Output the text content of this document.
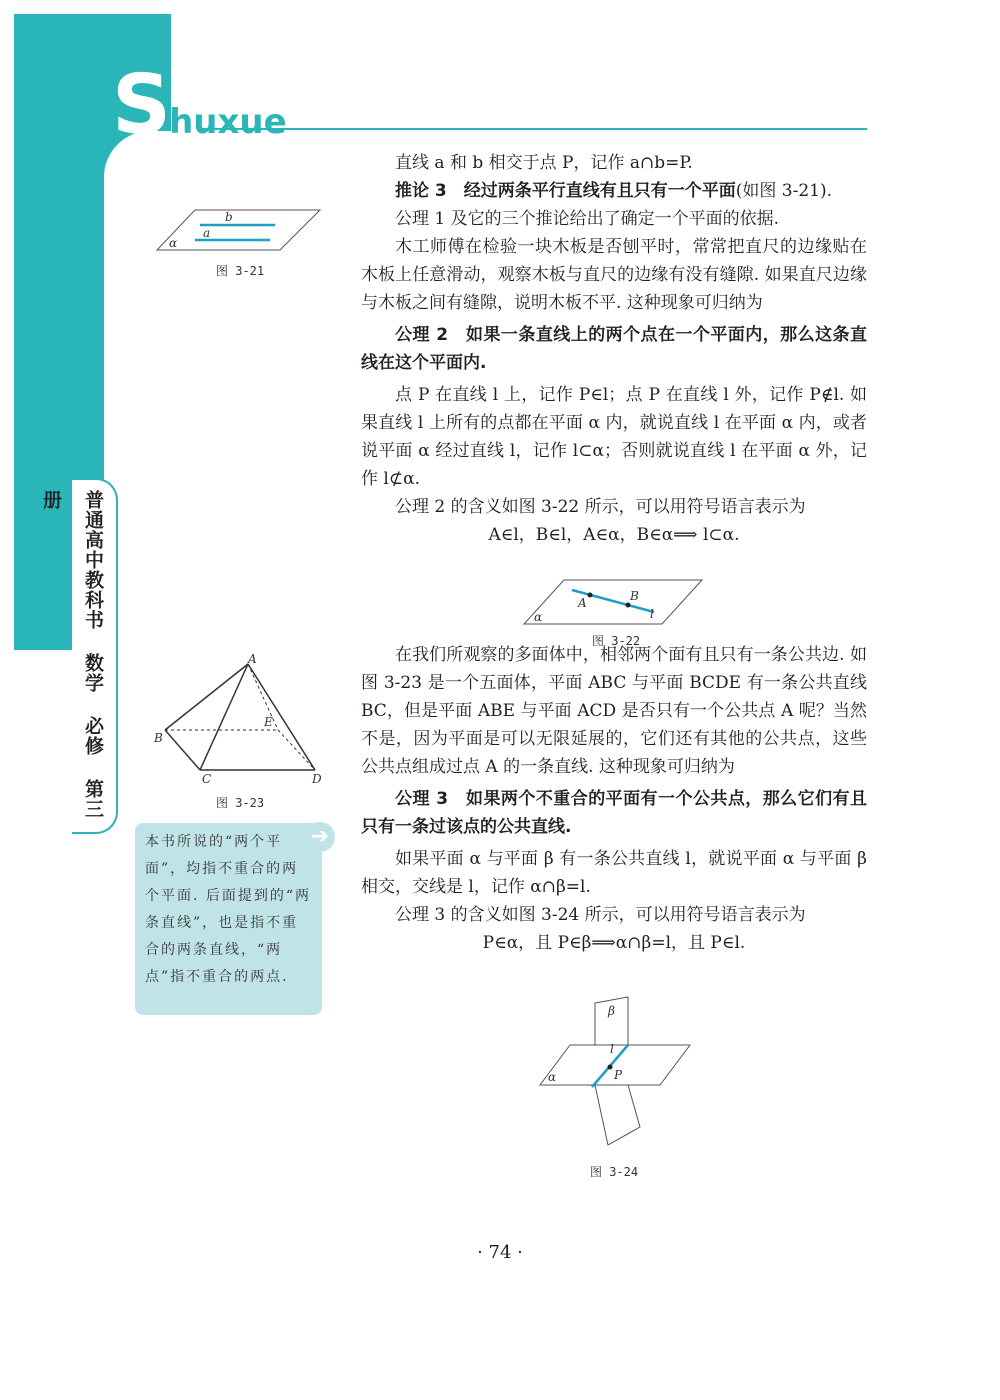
Shuxue
普通高中教科书 数学 必修 第三册
b
a
α
图 3-21
A
B
C	D
E
图 3-23
本书所说的“两个平面”，均指不重合的两个平面. 后面提到的“两条直线”，也是指不重合的两条直线，“两点”指不重合的两点.
➔

直线 a 和 b 相交于点 P，记作 a∩b=P.

推论 3　经过两条平行直线有且只有一个平面(如图 3-21).

公理 1 及它的三个推论给出了确定一个平面的依据.

木工师傅在检验一块木板是否刨平时，常常把直尺的边缘贴在木板上任意滑动，观察木板与直尺的边缘有没有缝隙. 如果直尺边缘与木板之间有缝隙，说明木板不平. 这种现象可归纳为

公理 2　如果一条直线上的两个点在一个平面内，那么这条直线在这个平面内.

点 P 在直线 l 上，记作 P∈l；点 P 在直线 l 外，记作 P∉l. 如果直线 l 上所有的点都在平面 α 内，就说直线 l 在平面 α 内，或者说平面 α 经过直线 l，记作 l⊂α；否则就说直线 l 在平面 α 外，记作 l⊄α.

公理 2 的含义如图 3-22 所示，可以用符号语言表示为

A∈l，B∈l，A∈α，B∈α⟹ l⊂α.

在我们所观察的多面体中，相邻两个面有且只有一条公共边. 如图 3-23 是一个五面体，平面 ABC 与平面 BCDE 有一条公共直线 BC，但是平面 ABE 与平面 ACD 是否只有一个公共点 A 呢？当然不是，因为平面是可以无限延展的，它们还有其他的公共点，这些公共点组成过点 A 的一条直线. 这种现象可归纳为

公理 3　如果两个不重合的平面有一个公共点，那么它们有且只有一条过该点的公共直线.

如果平面 α 与平面 β 有一条公共直线 l，就说平面 α 与平面 β 相交，交线是 l，记作 α∩β=l.

公理 3 的含义如图 3-24 所示，可以用符号语言表示为

P∈α，且 P∈β⟹α∩β=l，且 P∈l.

A	B
l
α
图 3-22
β
l
P
α
图 3-24
· 74 ·
